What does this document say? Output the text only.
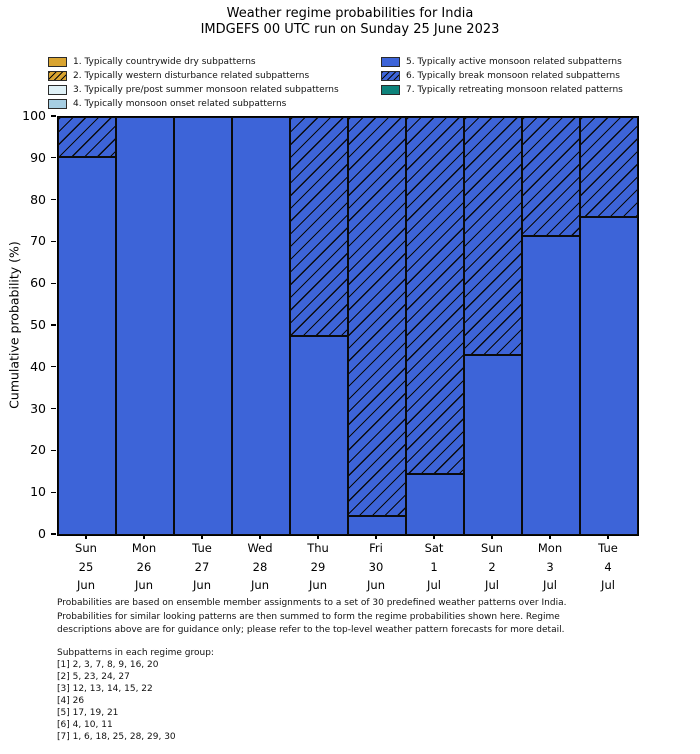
Weather regime probabilities for India
IMDGEFS 00 UTC run on Sunday 25 June 2023
1. Typically countrywide dry subpatterns
2. Typically western disturbance related subpatterns
3. Typically pre/post summer monsoon related subpatterns
4. Typically monsoon onset related subpatterns
5. Typically active monsoon related subpatterns
6. Typically break monsoon related subpatterns
7. Typically retreating monsoon related patterns
Cumulative probability (%)
0
10
20
30
40
50
60
70
80
90
100
Sun
25
Jun
Mon
26
Jun
Tue
27
Jun
Wed
28
Jun
Thu
29
Jun
Fri
30
Jun
Sat
1
Jul
Sun
2
Jul
Mon
3
Jul
Tue
4
Jul
Probabilities are based on ensemble member assignments to a set of 30 predefined weather patterns over India.
Probabilities for similar looking patterns are then summed to form the regime probabilities shown here. Regime
descriptions above are for guidance only; please refer to the top-level weather pattern forecasts for more detail.
Subpatterns in each regime group:
[1] 2, 3, 7, 8, 9, 16, 20
[2] 5, 23, 24, 27
[3] 12, 13, 14, 15, 22
[4] 26
[5] 17, 19, 21
[6] 4, 10, 11
[7] 1, 6, 18, 25, 28, 29, 30
